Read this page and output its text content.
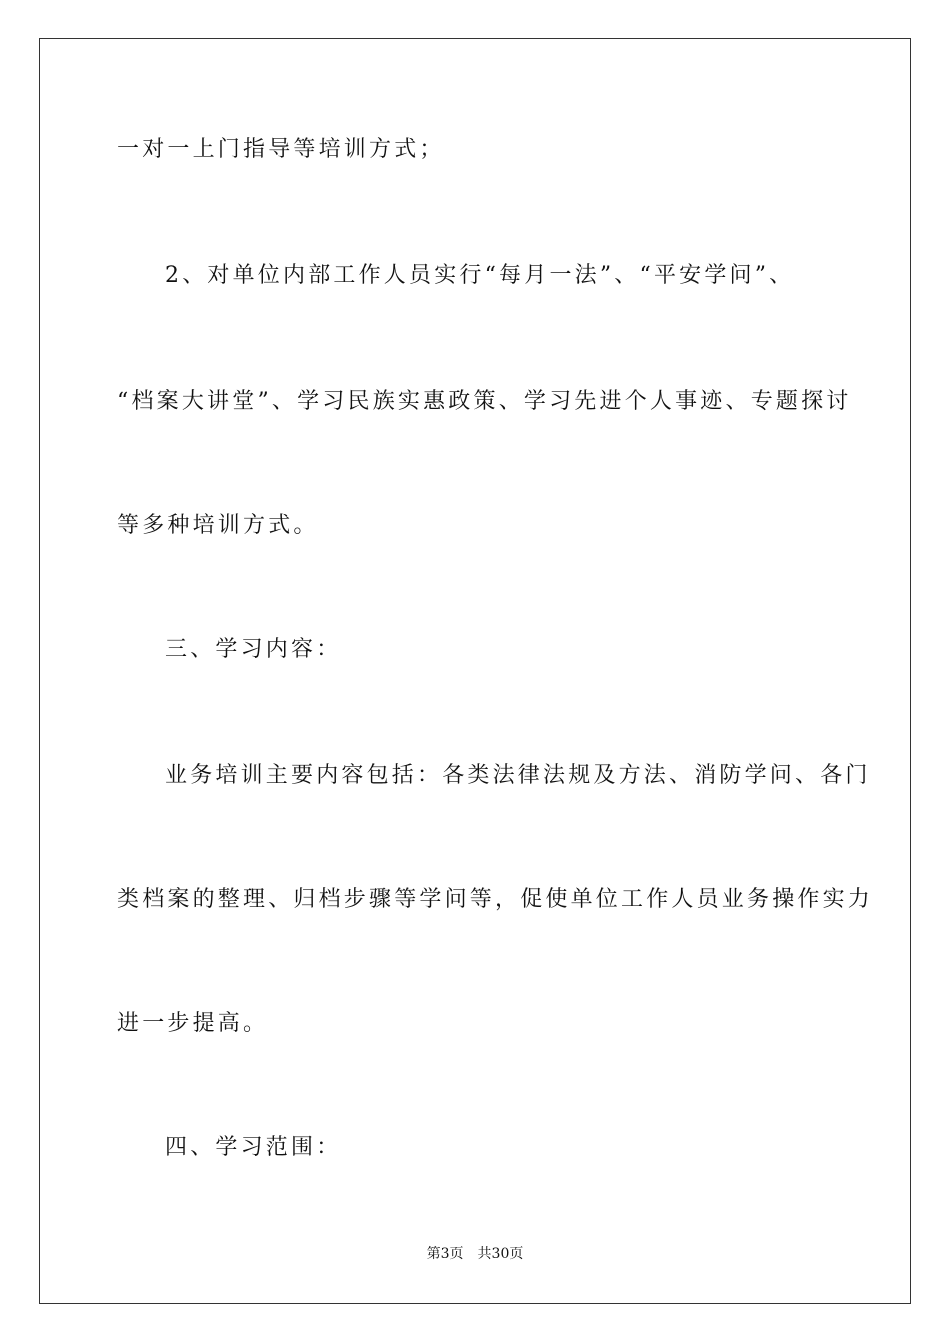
一对一上门指导等培训方式；
2、对单位内部工作人员实行“每月一法”、“平安学问”、
“档案大讲堂”、学习民族实惠政策、学习先进个人事迹、专题探讨
等多种培训方式。
三、学习内容：
业务培训主要内容包括：各类法律法规及方法、消防学问、各门
类档案的整理、归档步骤等学问等，促使单位工作人员业务操作实力
进一步提高。
四、学习范围：
第3页 共30页
